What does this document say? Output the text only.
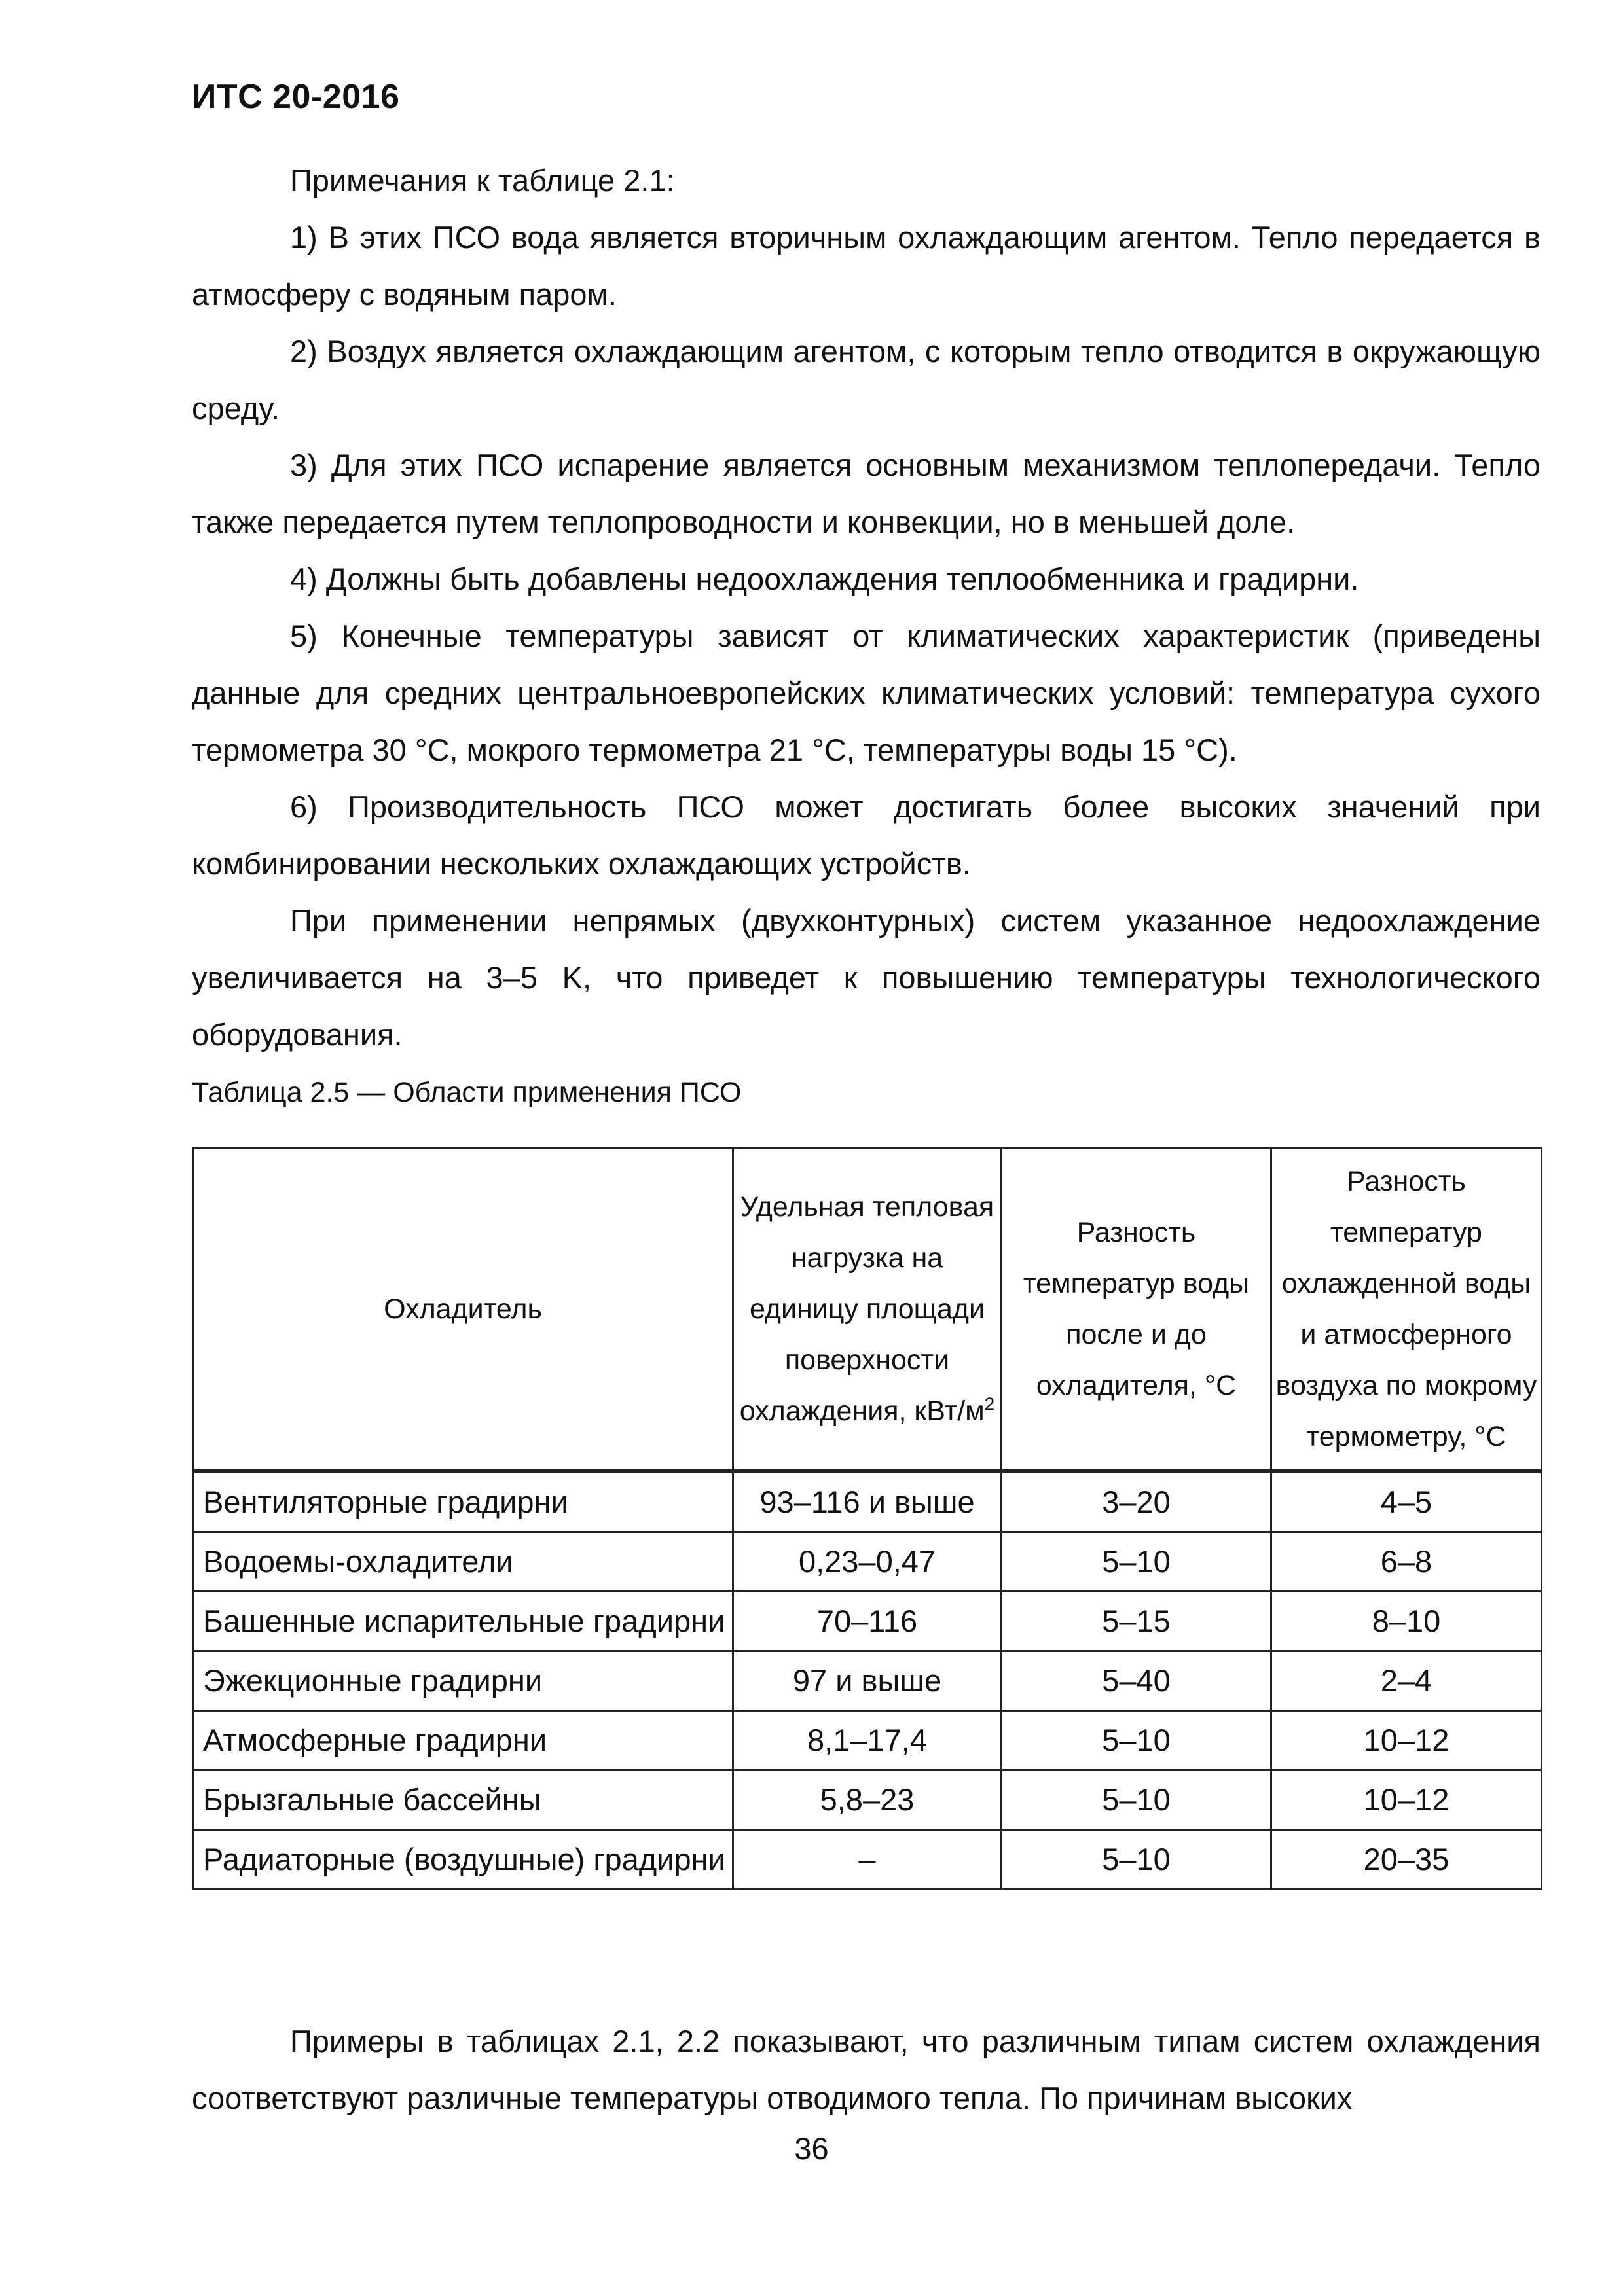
ИТС 20-2016
Примечания к таблице 2.1:
1) В этих ПСО вода является вторичным охлаждающим агентом. Тепло передается в атмосферу с водяным паром.
2) Воздух является охлаждающим агентом, с которым тепло отводится в окружающую среду.
3) Для этих ПСО испарение является основным механизмом теплопередачи. Тепло также передается путем теплопроводности и конвекции, но в меньшей доле.
4) Должны быть добавлены недоохлаждения теплообменника и градирни.
5) Конечные температуры зависят от климатических характеристик (приведены данные для средних центральноевропейских климатических условий: температура сухого термометра 30 °С, мокрого термометра 21 °С, температуры воды 15 °С).
6) Производительность ПСО может достигать более высоких значений при комбинировании нескольких охлаждающих устройств.
При применении непрямых (двухконтурных) систем указанное недоохлаждение увеличивается на 3–5 K, что приведет к повышению температуры технологического оборудования.
Таблица 2.5 — Области применения ПСО
Охладитель	Удельная тепловая нагрузка на единицу площади поверхности охлаждения, кВт/$м^2$	Разность температур воды после и до охладителя, °С	Разность температур охлажденной воды и атмосферного воздуха по мокрому термометру, °С
Вентиляторные градирни	93–116 и выше	3–20	4–5
Водоемы-охладители	0,23–0,47	5–10	6–8
Башенные испарительные градирни	70–116	5–15	8–10
Эжекционные градирни	97 и выше	5–40	2–4
Атмосферные градирни	8,1–17,4	5–10	10–12
Брызгальные бассейны	5,8–23	5–10	10–12
Радиаторные (воздушные) градирни	–	5–10	20–35
Примеры в таблицах 2.1, 2.2 показывают, что различным типам систем охлаждения соответствуют различные температуры отводимого тепла. По причинам высоких
36
